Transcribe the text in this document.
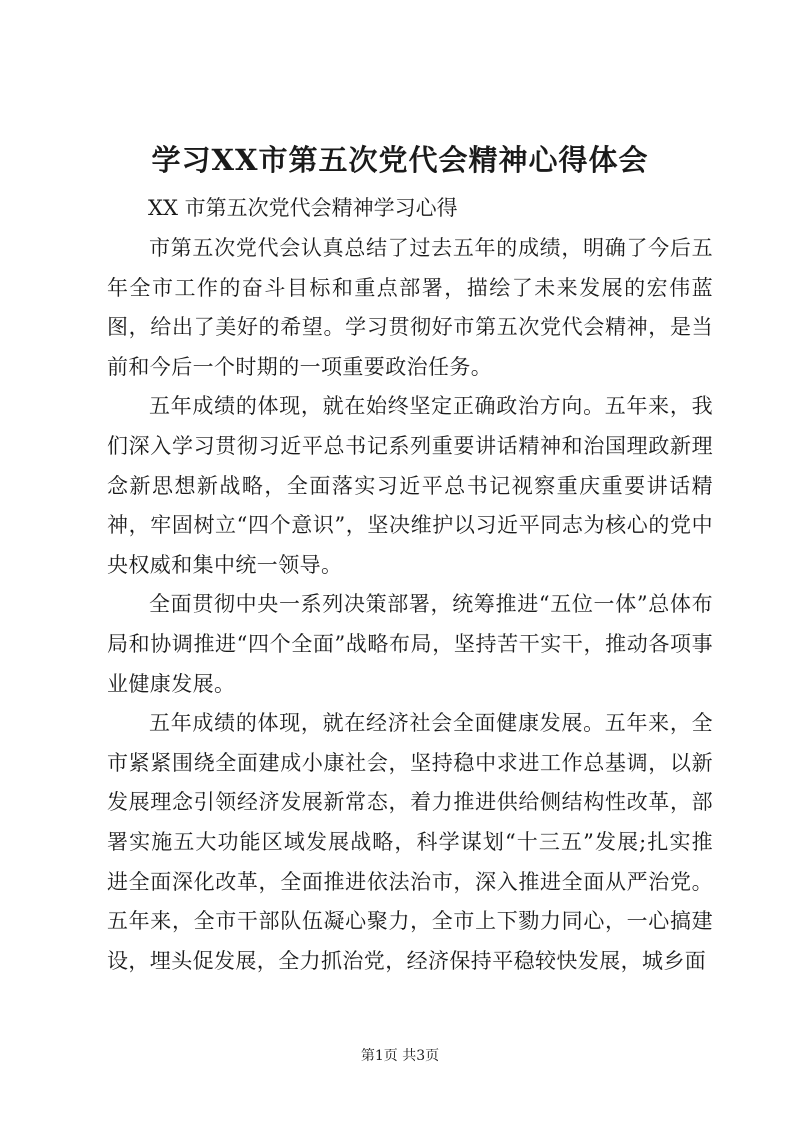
学习XX市第五次党代会精神心得体会

XX 市第五次党代会精神学习心得

市第五次党代会认真总结了过去五年的成绩，明确了今后五年全市工作的奋斗目标和重点部署，描绘了未来发展的宏伟蓝图，给出了美好的希望。学习贯彻好市第五次党代会精神，是当前和今后一个时期的一项重要政治任务。

五年成绩的体现，就在始终坚定正确政治方向。五年来，我们深入学习贯彻习近平总书记系列重要讲话精神和治国理政新理念新思想新战略，全面落实习近平总书记视察重庆重要讲话精神，牢固树立“四个意识”，坚决维护以习近平同志为核心的党中央权威和集中统一领导。

全面贯彻中央一系列决策部署，统筹推进“五位一体”总体布局和协调推进“四个全面”战略布局，坚持苦干实干，推动各项事业健康发展。

五年成绩的体现，就在经济社会全面健康发展。五年来，全市紧紧围绕全面建成小康社会，坚持稳中求进工作总基调，以新发展理念引领经济发展新常态，着力推进供给侧结构性改革，部署实施五大功能区域发展战略，科学谋划“十三五”发展;扎实推进全面深化改革，全面推进依法治市，深入推进全面从严治党。五年来，全市干部队伍凝心聚力，全市上下勠力同心，一心搞建设，埋头促发展，全力抓治党，经济保持平稳较快发展，城乡面

第1页 共3页
